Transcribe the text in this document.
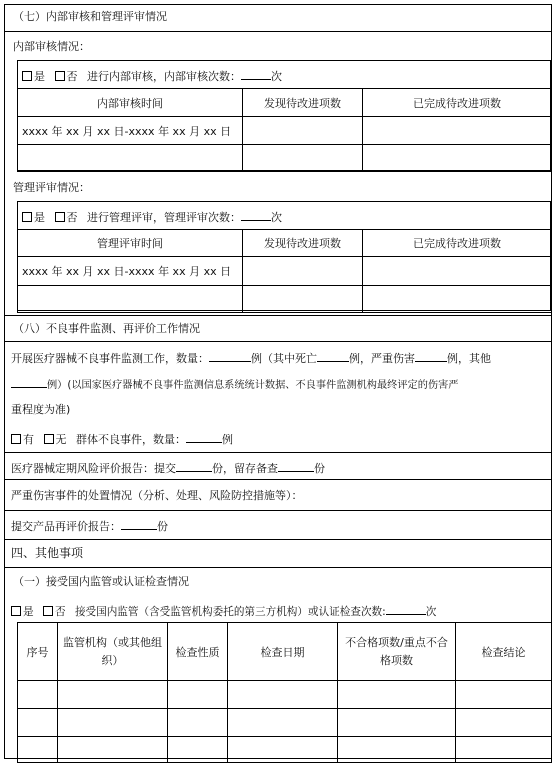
（七）内部审核和管理评审情况
内部审核情况：
是 否 进行内部审核，内部审核次数：	次
内部审核时间	发现待改进项数	已完成待改进项数
xxxx 年 xx 月 xx 日-xxxx 年 xx 月 xx 日		

管理评审情况：
是 否 进行管理评审，管理评审次数：	次
管理评审时间	发现待改进项数	已完成待改进项数
xxxx 年 xx 月 xx 日-xxxx 年 xx 月 xx 日		

（八）不良事件监测、再评价工作情况
开展医疗器械不良事件监测工作，数量：	例（其中死亡	例，严重伤害	例，其他
例）(以国家医疗器械不良事件监测信息系统统计数据、不良事件监测机构最终评定的伤害严
重程度为准)
有 无 群体不良事件，数量：	例
医疗器械定期风险评价报告：提交	份，留存备查	份
严重伤害事件的处置情况（分析、处理、风险防控措施等）：
提交产品再评价报告：	份
四、其他事项
（一）接受国内监管或认证检查情况
是 否 接受国内监管（含受监管机构委托的第三方机构）或认证检查次数:	次
序号	监管机构（或其他组织）	检查性质	检查日期	不合格项数/重点不合格项数	检查结论
